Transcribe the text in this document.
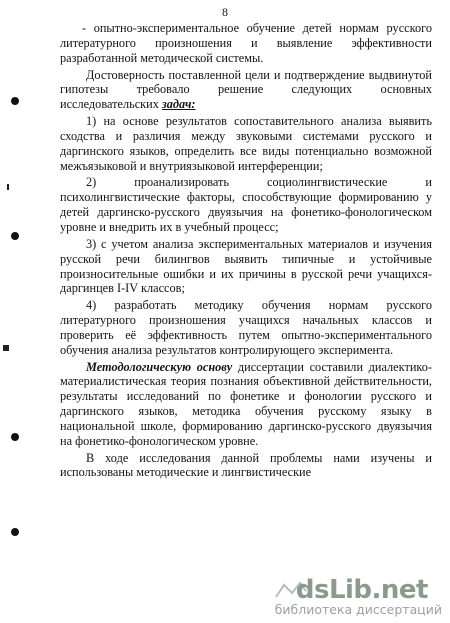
8

- опытно-экспериментальное обучение детей нормам русского литературного произношения и выявление эффективности разработанной методической системы.

Достоверность поставленной цели и подтверждение выдвинутой гипотезы требовало решение следующих основных исследовательских задач:

1) на основе результатов сопоставительного анализа выявить сходства и различия между звуковыми системами русского и даргинского языков, определить все виды потенциально возможной межъязыковой и внутриязыковой интерференции;

2) проанализировать социолингвистические и психолингвистические факторы, способствующие формированию у детей даргинско-русского двуязычия на фонетико-фонологическом уровне и внедрить их в учебный процесс;

3) с учетом анализа экспериментальных материалов и изучения русской речи билингвов выявить типичные и устойчивые произносительные ошибки и их причины в русской речи учащихся-даргинцев I-IV классов;

4) разработать методику обучения нормам русского литературного произношения учащихся начальных классов и проверить её эффективность путем опытно-экспериментального обучения анализа результатов контролирующего эксперимента.

Методологическую основу диссертации составили диалектико-материалистическая теория познания объективной действительности, результаты исследований по фонетике и фонологии русского и даргинского языков, методика обучения русскому языку в национальной школе, формированию даргинско-русского двуязычия на фонетико-фонологическом уровне.

В ходе исследования данной проблемы нами изучены и использованы методические и лингвистические

dsLib.net
библиотека диссертаций
